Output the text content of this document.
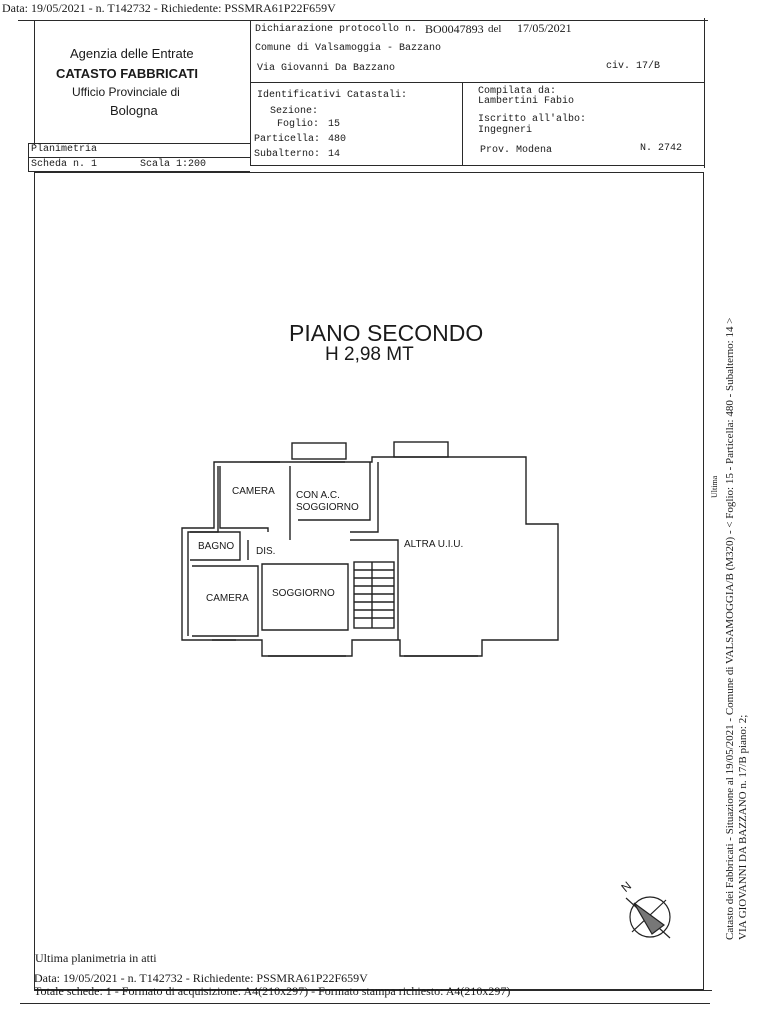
Data: 19/05/2021 - n. T142732 - Richiedente: PSSMRA61P22F659V
Agenzia delle Entrate
CATASTO FABBRICATI
Ufficio Provinciale di
Bologna
Dichiarazione protocollo n. BO0047893 del 17/05/2021
Comune di Valsamoggia - Bazzano
Via Giovanni Da Bazzano	civ. 17/B
Identificativi Catastali:
Sezione:
Foglio: 15
Particella: 480
Subalterno: 14
Compilata da:
Lambertini Fabio
Iscritto all'albo:
Ingegneri
Prov. Modena	N. 2742
Planimetria
Scheda n. 1	Scala 1:200
PIANO SECONDO
H 2,98 MT
CAMERA CON A.C.
SOGGIORNO
ALTRA U.I.U.
BAGNO DIS.
CAMERA SOGGIORNO
N	Catasto dei Fabbricati - Situazione al 19/05/2021 - Comune di VALSAMOGGIA/B (M320) - < Foglio: 15 - Particella: 480 - Subalterno: 14 > VIA GIOVANNI DA BAZZANO n. 17/B piano: 2;
Ultima
Ultima planimetria in atti
Data: 19/05/2021 - n. T142732 - Richiedente: PSSMRA61P22F659V
Totale schede: 1 - Formato di acquisizione: A4(210x297) - Formato stampa richiesto: A4(210x297)
